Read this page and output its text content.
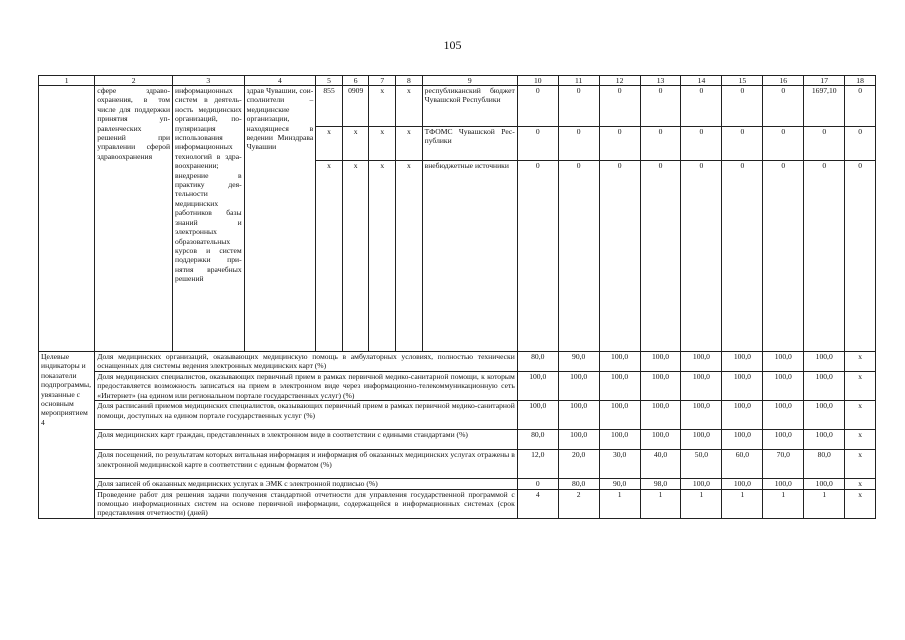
105
1	2	3	4	5	6	7	8	9	10	11	12	13	14	15	16	17	18
	сфере здравоохранения, в том числе для поддержки принятия управленческих решений при управлении сферой здравоохранения	информационных систем в деятельность медицинских организаций, популяризация использования информационных технологий в здравоохранении; внедрение в практику деятельности медицинских работников базы знаний и электронных образовательных курсов и систем поддержки принятия врачебных решений	здрав Чувашии, соисполнители – медицинские организации, находящиеся в ведении Минздрава Чувашии	855	0909	х	х	республиканский бюджет Чувашской Республики	0	0	0	0	0	0	0	1697,10	0
				х	х	х	х	ТФОМС Чувашской Республики	0	0	0	0	0	0	0	0	0
				х	х	х	х	внебюджетные источники	0	0	0	0	0	0	0	0	0
Целевые индикаторы и показатели подпрограммы, увязанные с основным мероприятием 4	Доля медицинских организаций, оказывающих медицинскую помощь в амбулаторных условиях, полностью технически оснащенных для системы ведения электронных медицинских карт (%)								80,0	90,0	100,0	100,0	100,0	100,0	100,0	100,0	х
	Доля медицинских специалистов, оказывающих первичный прием в рамках первичной медико-санитарной помощи, к которым предоставляется возможность записаться на прием в электронном виде через информационно-телекоммуникационную сеть «Интернет» (на едином или региональном портале государственных услуг) (%)								100,0	100,0	100,0	100,0	100,0	100,0	100,0	100,0	х
	Доля расписаний приемов медицинских специалистов, оказывающих первичный прием в рамках первичной медико-санитарной помощи, доступных на едином портале государственных услуг (%)								100,0	100,0	100,0	100,0	100,0	100,0	100,0	100,0	х
	Доля медицинских карт граждан, представленных в электронном виде в соответствии с едиными стандартами (%)								80,0	100,0	100,0	100,0	100,0	100,0	100,0	100,0	х
	Доля посещений, по результатам которых витальная информация и информация об оказанных медицинских услугах отражены в электронной медицинской карте в соответствии с единым форматом (%)								12,0	20,0	30,0	40,0	50,0	60,0	70,0	80,0	х
	Доля записей об оказанных медицинских услугах в ЭМК с электронной подписью (%)								0	80,0	90,0	98,0	100,0	100,0	100,0	100,0	х
	Проведение работ для решения задачи получения стандартной отчетности для управления государственной программой с помощью информационных систем на основе первичной информации, содержащейся в информационных системах (срок представления отчетности) (дней)								4	2	1	1	1	1	1	1	х
